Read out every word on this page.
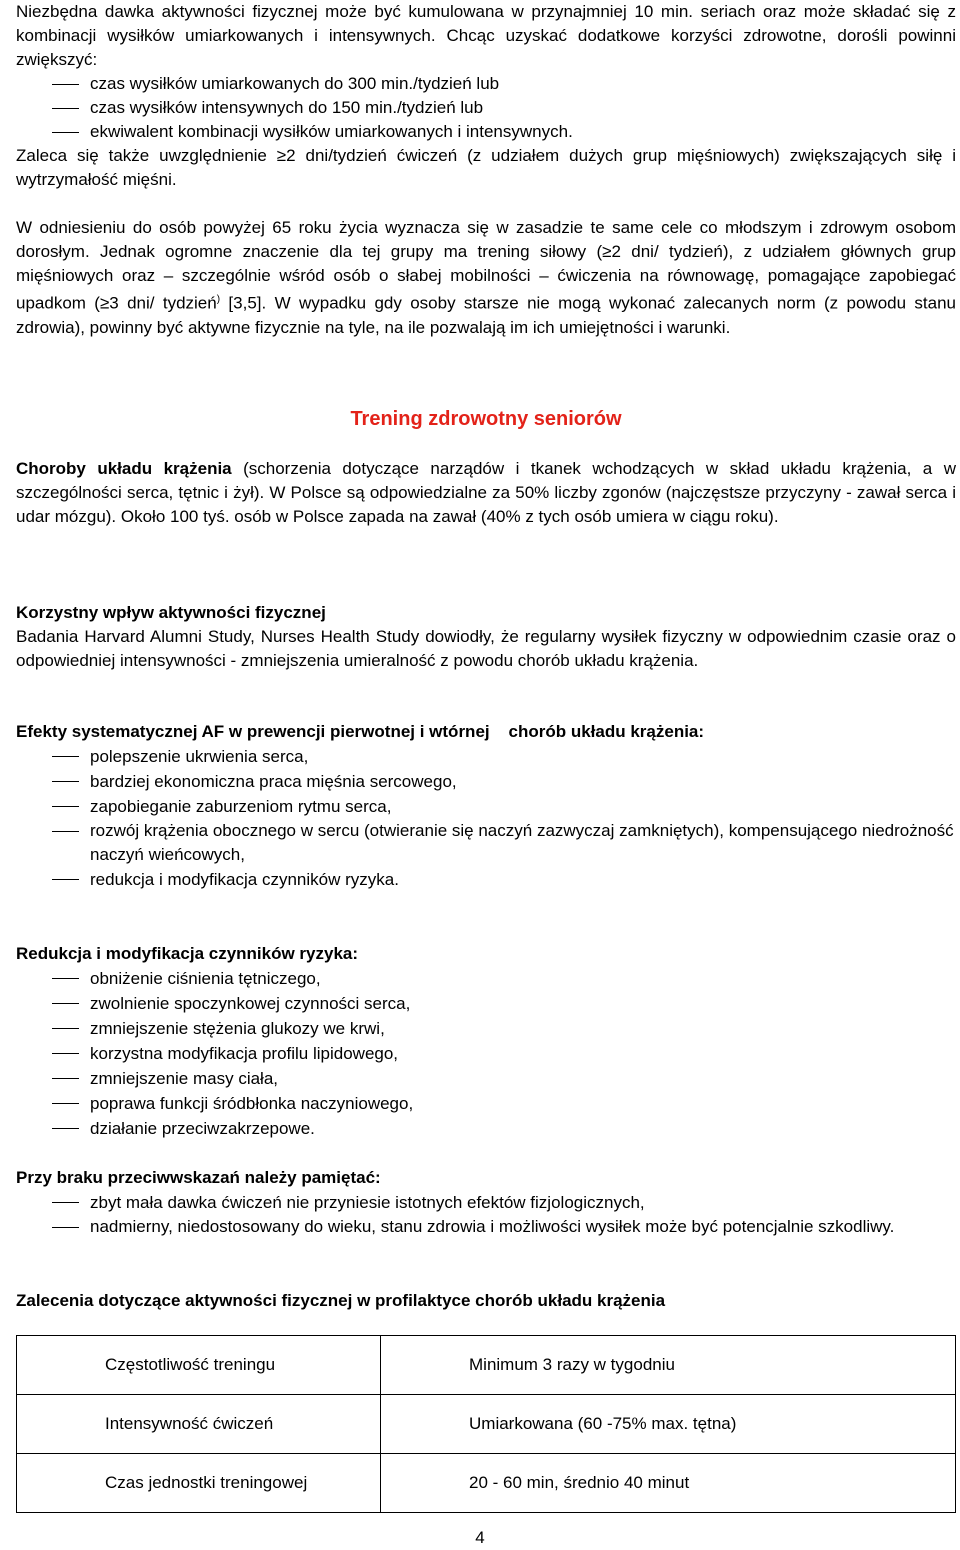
Niezbędna dawka aktywności fizycznej może być kumulowana w przynajmniej 10 min. seriach oraz może składać się z kombinacji wysiłków umiarkowanych i intensywnych. Chcąc uzyskać dodatkowe korzyści zdrowotne, dorośli powinni zwiększyć:

czas wysiłków umiarkowanych do 300 min./tydzień lub
czas wysiłków intensywnych do 150 min./tydzień lub
ekwiwalent kombinacji wysiłków umiarkowanych i intensywnych.

Zaleca się także uwzględnienie ≥2 dni/tydzień ćwiczeń (z udziałem dużych grup mięśniowych) zwiększających siłę i wytrzymałość mięśni.

W odniesieniu do osób powyżej 65 roku życia wyznacza się w zasadzie te same cele co młodszym i zdrowym osobom dorosłym. Jednak ogromne znaczenie dla tej grupy ma trening siłowy (≥2 dni/ tydzień), z udziałem głównych grup mięśniowych oraz – szczególnie wśród osób o słabej mobilności – ćwiczenia na równowagę, pomagające zapobiegać upadkom (≥3 dni/ tydzień) [3,5]. W wypadku gdy osoby starsze nie mogą wykonać zalecanych norm (z powodu stanu zdrowia), powinny być aktywne fizycznie na tyle, na ile pozwalają im ich umiejętności i warunki.

Trening zdrowotny seniorów

Choroby układu krążenia (schorzenia dotyczące narządów i tkanek wchodzących w skład układu krążenia, a w szczególności serca, tętnic i żył). W Polsce są odpowiedzialne za 50% liczby zgonów (najczęstsze przyczyny - zawał serca i udar mózgu). Około 100 tyś. osób w Polsce zapada na zawał (40% z tych osób umiera w ciągu roku).

Korzystny wpływ aktywności fizycznej

Badania Harvard Alumni Study, Nurses Health Study dowiodły, że regularny wysiłek fizyczny w odpowiednim czasie oraz o odpowiedniej intensywności - zmniejszenia umieralność z powodu chorób układu krążenia.

Efekty systematycznej AF w prewencji pierwotnej i wtórnej    chorób układu krążenia:

polepszenie ukrwienia serca,
bardziej ekonomiczna praca mięśnia sercowego,
zapobieganie zaburzeniom rytmu serca,
rozwój krążenia obocznego w sercu (otwieranie się naczyń zazwyczaj zamkniętych), kompensującego niedrożność naczyń wieńcowych,
redukcja i modyfikacja czynników ryzyka.

Redukcja i modyfikacja czynników ryzyka:

obniżenie ciśnienia tętniczego,
zwolnienie spoczynkowej czynności serca,
zmniejszenie stężenia glukozy we krwi,
korzystna modyfikacja profilu lipidowego,
zmniejszenie masy ciała,
poprawa funkcji śródbłonka naczyniowego,
działanie przeciwzakrzepowe.

Przy braku przeciwwskazań należy pamiętać:

zbyt mała dawka ćwiczeń nie przyniesie istotnych efektów fizjologicznych,
nadmierny, niedostosowany do wieku, stanu zdrowia i możliwości wysiłek może być potencjalnie szkodliwy.

Zalecenia dotyczące aktywności fizycznej w profilaktyce chorób układu krążenia

Częstotliwość treningu	Minimum 3 razy w tygodniu
Intensywność ćwiczeń	Umiarkowana (60 -75% max. tętna)
Czas jednostki treningowej	20 - 60 min, średnio 40 minut
4
